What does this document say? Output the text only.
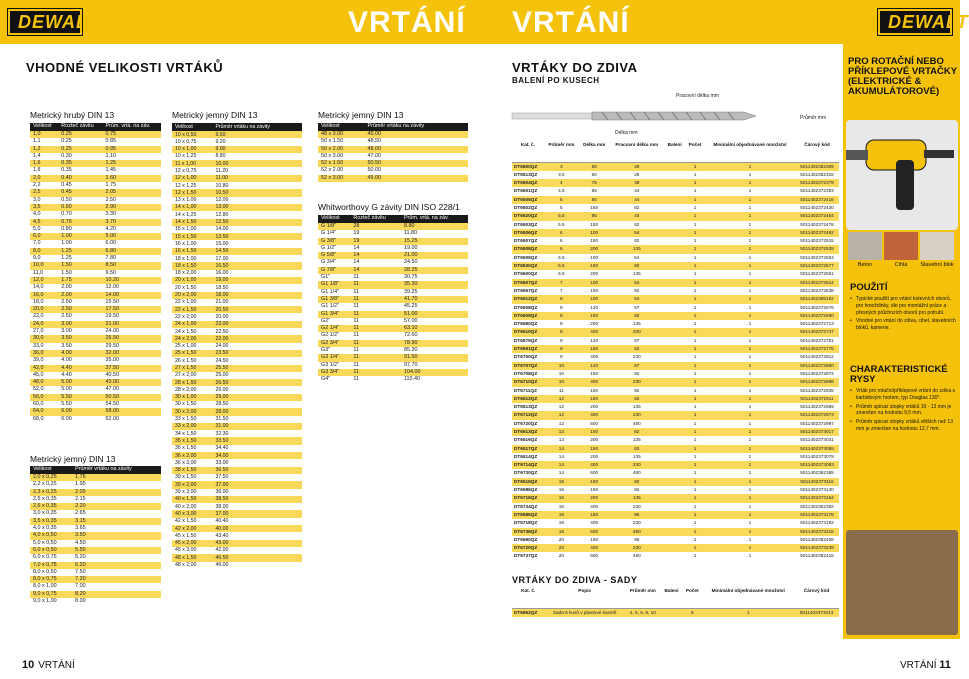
DEWALT	VRTÁNÍ VRTÁNÍ	DEWALT
VHODNÉ VELIKOSTI VRTÁKŮ
Metrický hrubý DIN 13
Velikost	Rozteč závitu	Prům. vrtá. na záv.
1,0	0.25	0.75
1,1	0.25	0.85
1,2	0.25	0.95
1,4	0.30	1.10
1,6	0.35	1.25
1,8	0.35	1.45
2,0	0.40	1.60
2,2	0.45	1.75
2,5	0.45	2.05
3,0	0.50	2.50
3,5	0.60	2.90
4,0	0.70	3.30
4,5	0.75	3.70
5,0	0.80	4.20
6,0	1.00	5.00
7,0	1.00	6.00
8,0	1.25	6.80
9,0	1.25	7.80
10,0	1.50	8.50
11,0	1.50	9.50
12,0	1.75	10.20
14,0	2.00	12.00
16,0	2.00	14.00
18,0	2.50	15.50
20,0	2.50	17.50
22,0	2.50	19.50
24,0	3.00	21.00
27,0	3.00	24.00
30,0	3.50	26.50
33,0	3.50	29.50
36,0	4.00	32.00
39,0	4.00	35.00
42,0	4.40	37.50
45,0	4.40	40.50
48,0	5.00	43.00
52,0	5.00	47.00
56,0	5.50	50.50
60,0	5.50	54.50
64,0	6.00	58.00
68,0	6.00	62.00
Metrický jemný DIN 13
Velikost	Průměr vrtáku na závity
2,0 x 0,25	1.75
2,2 x 0,25	1.95
2,3 x 0,25	2.05
2,5 x 0,35	2.15
2,6 x 0,35	2.20
3,0 x 0,35	2.65
3,5 x 0,35	3.15
4,0 x 0,35	3.65
4,0 x 0,50	3.50
5,0 x 0,50	4.50
6,0 x 0,50	5.50
6,0 x 0,75	5.20
7,0 x 0,75	6.20
8,0 x 0,50	7.50
8,0 x 0,75	7.20
8,0 x 1,00	7.00
9,0 x 0,75	8.20
9,0 x 1,00	8.00
Metrický jemný DIN 13
Velikost	Průměr vrtáku na závity
10 x 0,50	9.50
10 x 0,75	9.20
10 x 1,00	9.00
10 x 1,25	8.80
11 x 1,00	10.00
12 x 0,75	11.20
12 x 1,00	11.00
12 x 1,25	10.80
12 x 1,50	10.50
13 x 1,00	12.00
14 x 1,00	13.00
14 x 1,25	12.80
14 x 1,50	12.50
15 x 1,00	14.00
15 x 1,50	13.50
16 x 1,00	15.00
16 x 1,50	14.50
18 x 1,00	17.00
18 x 1,50	16.50
18 x 2,00	16.00
20 x 1,00	19.00
20 x 1,50	18.50
20 x 2,00	18.00
22 x 1,00	21.00
22 x 1,50	20.50
22 x 2,00	20.00
24 x 1,00	23.00
24 x 1,50	22.50
24 x 2,00	22.00
25 x 1,00	24.00
25 x 1,50	23.50
26 x 1,50	24.50
27 x 1,50	25.50
27 x 2,00	25.00
28 x 1,50	26.50
28 x 2,00	26.00
30 x 1,00	29.00
30 x 1,50	28.50
30 x 2,00	28.00
33 x 1,50	31.50
33 x 2,00	31.00
34 x 1,50	32.30
35 x 1,50	33.50
36 x 1,50	34.40
36 x 2,00	34.00
36 x 3,00	33.00
38 x 1,50	36.50
39 x 1,50	37.50
39 x 2,00	37.00
39 x 3,00	36.00
40 x 1,50	38.50
40 x 2,00	38.00
40 x 3,00	37.00
42 x 1,50	40.40
42 x 2,00	40.00
45 x 1,50	43.40
45 x 2,00	43.00
45 x 3,00	42.00
48 x 1,50	46.50
48 x 2,00	46.00
Metrický jemný DIN 13
Velikost	Průměr vrtáku na závity
48 x 3.00	45.00
50 x 1.50	48.50
50 x 2.00	48.00
50 x 3.00	47.00
52 x 1.50	50.50
52 x 2.00	50.00
52 x 3.00	49.00
Whitworthovy G závity DIN ISO 228/1
Velikost	Rozteč závitu	Prům. vrtá. na záv.
G 1/8"	28	8.80
G 1/4"	19	11.80
G 3/8"	19	15.25
G 1/2"	14	19.00
G 5/8"	14	21.00
G 3/4"	14	24.50
G 7/8"	14	28.25
G1"	11	30.75
G1 1/8"	11	35.30
G1 1/4"	11	39.25
G1 3/8"	11	41.70
G1 1/2"	11	45.25
G1 3/4"	11	51.00
G2"	11	57.00
G2 1/4"	11	63.10
G2 1/2"	11	72.60
G2 3/4"	11	78.90
G3"	11	85.30
G3 1/4"	11	91.50
G3 1/2"	11	97.70
G3 3/4"	11	104.00
G4"	11	110.40
10 VRTÁNÍ
VRTÁKY DO ZDIVA
BALENÍ PO KUSECH
Pracovní délka mm
Délka mm
Průměr mm
Kat. č.	Průměr mm	Délka mm	Pracovní délka mm	Balení	Počet	Minimální objednávané množství	Čárový kód
DT6500QZ	3	60	28		1	1	5011402382309
DT6513QZ	3.5	60	28		1	1	5011402382316
DT6504QZ	4	75	38		1	1	5011402372379
DT6501QZ	4.5	85	44		1	1	5011402372393
DT6505QZ	5	85	44		1	1	5011402372416
DT6502QZ	5	150	82		1	1	5011402372430
DT6520QZ	5.5	85	44		1	1	5011402372454
DT6503QZ	5.5	150	82		1	1	5011402372478
DT6506QZ	6	100	54		1	1	5011402372492
DT6507QZ	6	150	82		1	1	5011402372515
DT6508QZ	6	200	135		1	1	5011402372539
DT6509QZ	6.5	100	54		1	1	5011402372553
DT6530QZ	6.5	150	82		1	1	5011402372577
DT6600QZ	6.5	200	135		1	1	5011402372591
DT6507QZ	7	100	54		1	1	5011402372614
DT6557QZ	7	150	82		1	1	5011402372638
DT6512QZ	8	100	54		1	1	5011402386192
DT6508QZ	8	120	67		1	1	5011402372676
DT6509QZ	8	150	82		1	1	5011402372690
DT6580QZ	8	200	135		1	1	5011402372713
DT6510QZ	8	400	330		1	1	5011402372737
DT6579QZ	9	120	67		1	1	5011402372751
DT6591QZ	9	150	82		1	1	5011402372775
DT6700QZ	9	400	230		1	1	5011402372812
DT6707QZ	10	120	67		1	1	5011402372850
DT6708QZ	10	150	82		1	1	5011402372874
DT6710QZ	10	400	230		1	1	5011402372898
DT6711QZ	11	150	82		1	1	5011402372935
DT6512QZ	12	150	82		1	1	5011402372911
DT6513QZ	12	200	135		1	1	5011402372959
DT6712QZ	12	400	230		1	1	5011402372973
DT6720QZ	12	600	480		1	1	5011402372997
DT6513QZ	13	150	82		1	1	5011402373017
DT6516QZ	13	200	135		1	1	5011402373031
DT6517QZ	14	150	82		1	1	5011402373055
DT6514QZ	14	200	135		1	1	5011402373079
DT6714QZ	14	400	230		1	1	5011402373093
DT6730QZ	14	600	480		1	1	5011402382385
DT6515QZ	15	150	82		1	1	5011402373116
DT6586QZ	16	150	82		1	1	5011402373130
DT6716QZ	16	200	135		1	1	5011402373154
DT6734QZ	16	400	230		1	1	5011402382392
DT6586QZ	18	160	95		1	1	5011402373178
DT6718QZ	18	400	230		1	1	5011402373192
DT6736QZ	18	600	480		1	1	5011402373215
DT6590QZ	20	160	95		1	1	5011402382408
DT6720QZ	20	400	230		1	1	5011402373239
DT6737QZ	20	600	480		1	1	5011402382415
VRTÁKY DO ZDIVA - SADY
Kat. č.	Popis	Průměr mm	Balení	Počet	Minimální objednávané množství	Čárový kód
DT6952QZ	Sada 5 kusů v plastové kazetě	4, 5, 6, 8, 10		5	1	5011402373413
VRTÁNÍ 11
PRO ROTAČNÍ NEBO PŘÍKLEPOVÉ VRTAČKY (ELEKTRICKÉ & AKUMULÁTOROVÉ)
Beton	Cihla	Stavební blok
POUŽITÍ
• Typické použití pro vrtání kotevních otvorů, pro hmoždinky, dle pro montážní práce a přesných průchozích otvorů pro potrubí.
• Vhodné pro vrtání do zdiva, cihel, stavebních bloků, kamene.
CHARAKTERISTICKÉ RYSY
• Vrták pro rotační/příklepové vrtání do zdiva s karbidovým hrotem, typ Douglas 130°.
• Průměr spirusí stopky vrtáků 10 - 13 mm je zmenšen na hodnotu 9,5 mm.
• Průměr spirusí stopky vrtáků větších než 13 mm je zmenšen na hodnotu 12,7 mm.
